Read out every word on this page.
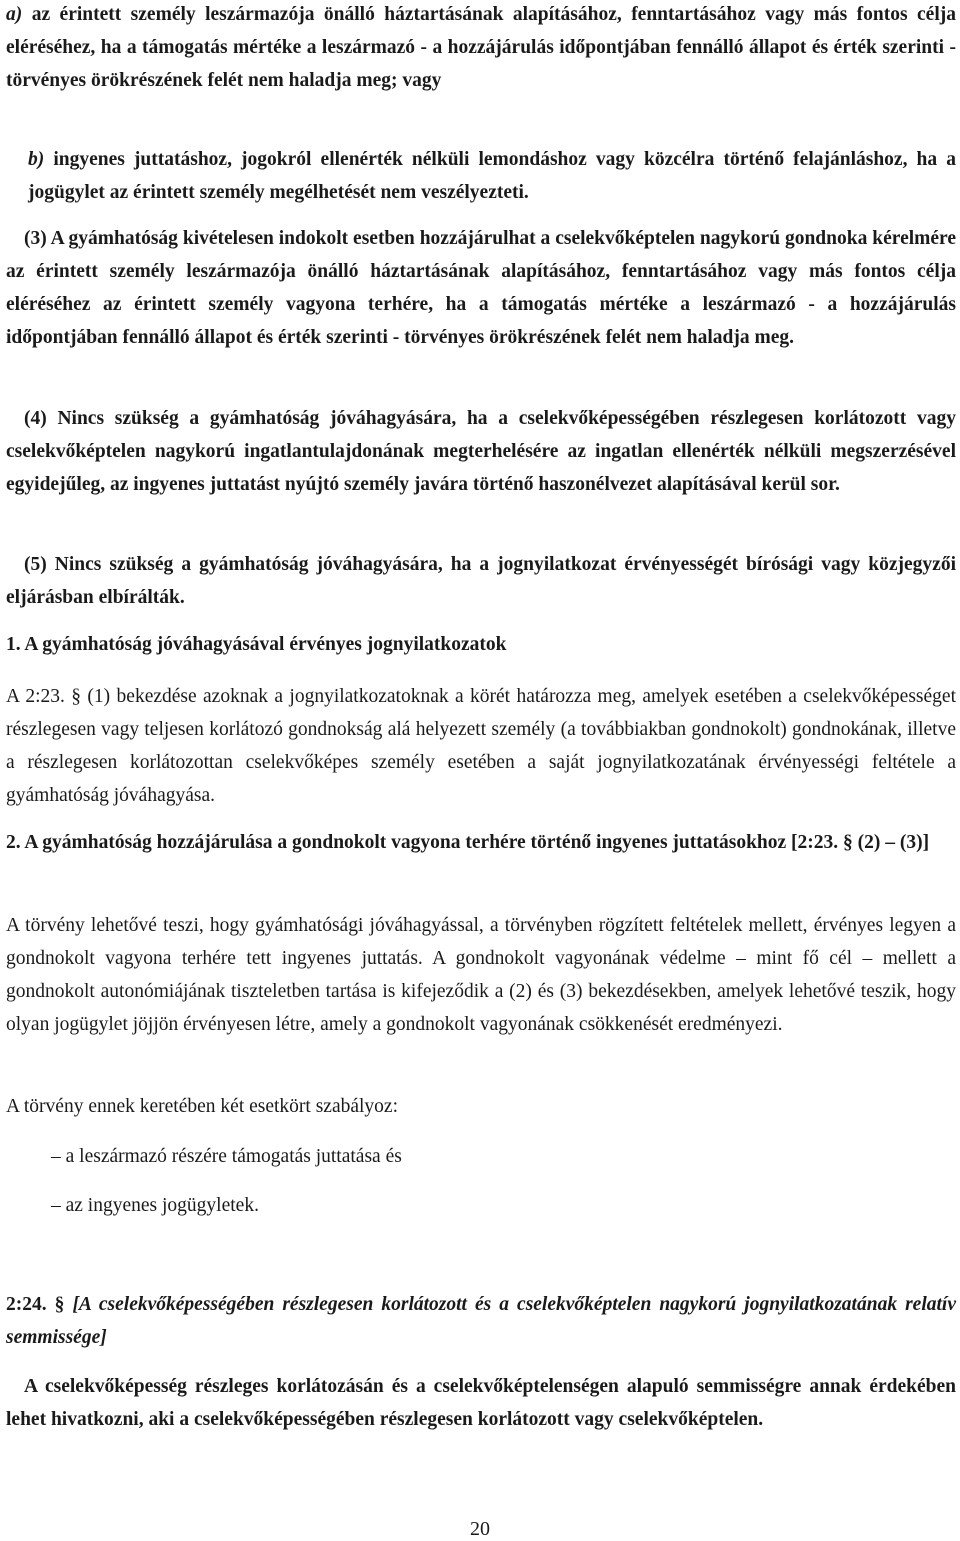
a) az érintett személy leszármazója önálló háztartásának alapításához, fenntartásához vagy más fontos célja eléréséhez, ha a támogatás mértéke a leszármazó - a hozzájárulás időpontjában fennálló állapot és érték szerinti - törvényes örökrészének felét nem haladja meg; vagy

b) ingyenes juttatáshoz, jogokról ellenérték nélküli lemondáshoz vagy közcélra történő felajánláshoz, ha a jogügylet az érintett személy megélhetését nem veszélyezteti.

(3) A gyámhatóság kivételesen indokolt esetben hozzájárulhat a cselekvőképtelen nagykorú gondnoka kérelmére az érintett személy leszármazója önálló háztartásának alapításához, fenntartásához vagy más fontos célja eléréséhez az érintett személy vagyona terhére, ha a támogatás mértéke a leszármazó - a hozzájárulás időpontjában fennálló állapot és érték szerinti - törvényes örökrészének felét nem haladja meg.

(4) Nincs szükség a gyámhatóság jóváhagyására, ha a cselekvőképességében részlegesen korlátozott vagy cselekvőképtelen nagykorú ingatlantulajdonának megterhelésére az ingatlan ellenérték nélküli megszerzésével egyidejűleg, az ingyenes juttatást nyújtó személy javára történő haszonélvezet alapításával kerül sor.

(5) Nincs szükség a gyámhatóság jóváhagyására, ha a jognyilatkozat érvényességét bírósági vagy közjegyzői eljárásban elbírálták.

1. A gyámhatóság jóváhagyásával érvényes jognyilatkozatok

A 2:23. § (1) bekezdése azoknak a jognyilatkozatoknak a körét határozza meg, amelyek esetében a cselekvőképességet részlegesen vagy teljesen korlátozó gondnokság alá helyezett személy (a továbbiakban gondnokolt) gondnokának, illetve a részlegesen korlátozottan cselekvőképes személy esetében a saját jognyilatkozatának érvényességi feltétele a gyámhatóság jóváhagyása.

2. A gyámhatóság hozzájárulása a gondnokolt vagyona terhére történő ingyenes juttatásokhoz [2:23. § (2) – (3)]

A törvény lehetővé teszi, hogy gyámhatósági jóváhagyással, a törvényben rögzített feltételek mellett, érvényes legyen a gondnokolt vagyona terhére tett ingyenes juttatás. A gondnokolt vagyonának védelme – mint fő cél – mellett a gondnokolt autonómiájának tiszteletben tartása is kifejeződik a (2) és (3) bekezdésekben, amelyek lehetővé teszik, hogy olyan jogügylet jöjjön érvényesen létre, amely a gondnokolt vagyonának csökkenését eredményezi.

A törvény ennek keretében két esetkört szabályoz:

– a leszármazó részére támogatás juttatása és

– az ingyenes jogügyletek.

2:24. § [A cselekvőképességében részlegesen korlátozott és a cselekvőképtelen nagykorú jognyilatkozatának relatív semmissége]

A cselekvőképesség részleges korlátozásán és a cselekvőképtelenségen alapuló semmisségre annak érdekében lehet hivatkozni, aki a cselekvőképességében részlegesen korlátozott vagy cselekvőképtelen.

20
